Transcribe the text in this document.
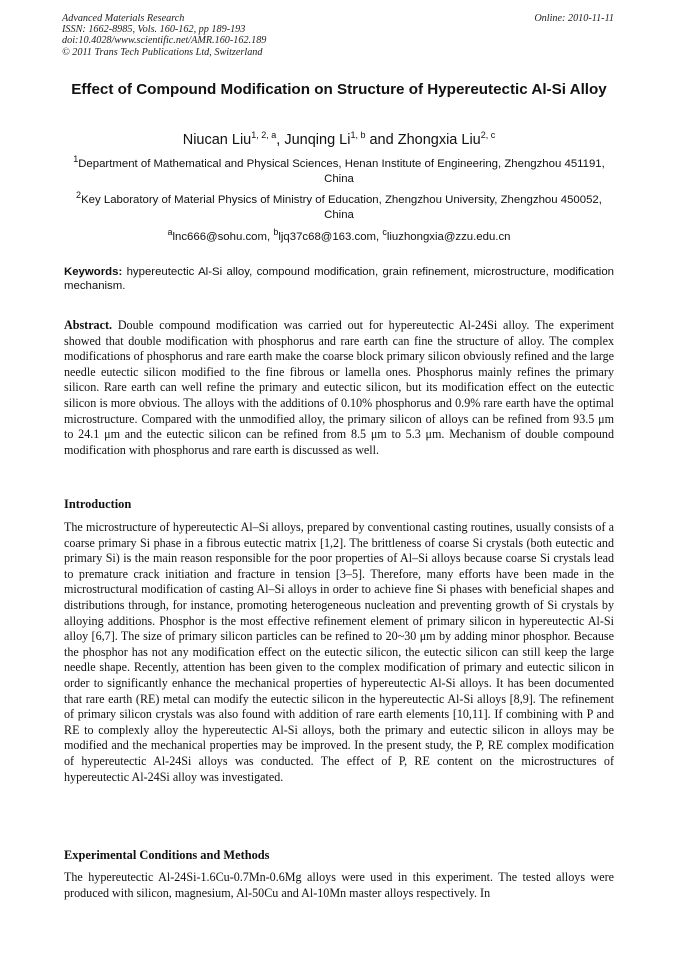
Advanced Materials Research
ISSN: 1662-8985, Vols. 160-162, pp 189-193
doi:10.4028/www.scientific.net/AMR.160-162.189
© 2011 Trans Tech Publications Ltd, Switzerland
Online: 2010-11-11
Effect of Compound Modification on Structure of Hypereutectic Al-Si Alloy
Niucan Liu$^{1, 2, a}$, Junqing Li$^{1, b}$ and Zhongxia Liu$^{2, c}$
$^1$Department of Mathematical and Physical Sciences, Henan Institute of Engineering, Zhengzhou 451191, China
$^2$Key Laboratory of Material Physics of Ministry of Education, Zhengzhou University, Zhengzhou 450052, China
$^a$lnc666@sohu.com, $^b$ljq37c68@163.com, $^c$liuzhongxia@zzu.edu.cn
Keywords: hypereutectic Al-Si alloy, compound modification, grain refinement, microstructure, modification mechanism.
Abstract. Double compound modification was carried out for hypereutectic Al-24Si alloy. The experiment showed that double modification with phosphorus and rare earth can fine the structure of alloy. The complex modifications of phosphorus and rare earth make the coarse block primary silicon obviously refined and the large needle eutectic silicon modified to the fine fibrous or lamella ones. Phosphorus mainly refines the primary silicon. Rare earth can well refine the primary and eutectic silicon, but its modification effect on the eutectic silicon is more obvious. The alloys with the additions of 0.10% phosphorus and 0.9% rare earth have the optimal microstructure. Compared with the unmodified alloy, the primary silicon of alloys can be refined from 93.5 μm to 24.1 μm and the eutectic silicon can be refined from 8.5 μm to 5.3 μm. Mechanism of double compound modification with phosphorus and rare earth is discussed as well.
Introduction
The microstructure of hypereutectic Al–Si alloys, prepared by conventional casting routines, usually consists of a coarse primary Si phase in a fibrous eutectic matrix [1,2]. The brittleness of coarse Si crystals (both eutectic and primary Si) is the main reason responsible for the poor properties of Al–Si alloys because coarse Si crystals lead to premature crack initiation and fracture in tension [3–5]. Therefore, many efforts have been made in the microstructural modification of casting Al–Si alloys in order to achieve fine Si phases with beneficial shapes and distributions through, for instance, promoting heterogeneous nucleation and preventing growth of Si crystals by alloying additions. Phosphor is the most effective refinement element of primary silicon in hypereutectic Al-Si alloy [6,7]. The size of primary silicon particles can be refined to 20~30 μm by adding minor phosphor. Because the phosphor has not any modification effect on the eutectic silicon, the eutectic silicon can still keep the large needle shape. Recently, attention has been given to the complex modification of primary and eutectic silicon in order to significantly enhance the mechanical properties of hypereutectic Al-Si alloys. It has been documented that rare earth (RE) metal can modify the eutectic silicon in the hypereutectic Al-Si alloys [8,9]. The refinement of primary silicon crystals was also found with addition of rare earth elements [10,11]. If combining with P and RE to complexly alloy the hypereutectic Al-Si alloys, both the primary and eutectic silicon in alloys may be modified and the mechanical properties may be improved. In the present study, the P, RE complex modification of hypereutectic Al-24Si alloys was conducted. The effect of P, RE content on the microstructures of hypereutectic Al-24Si alloy was investigated.
Experimental Conditions and Methods
The hypereutectic Al-24Si-1.6Cu-0.7Mn-0.6Mg alloys were used in this experiment. The tested alloys were produced with silicon, magnesium, Al-50Cu and Al-10Mn master alloys respectively. In
